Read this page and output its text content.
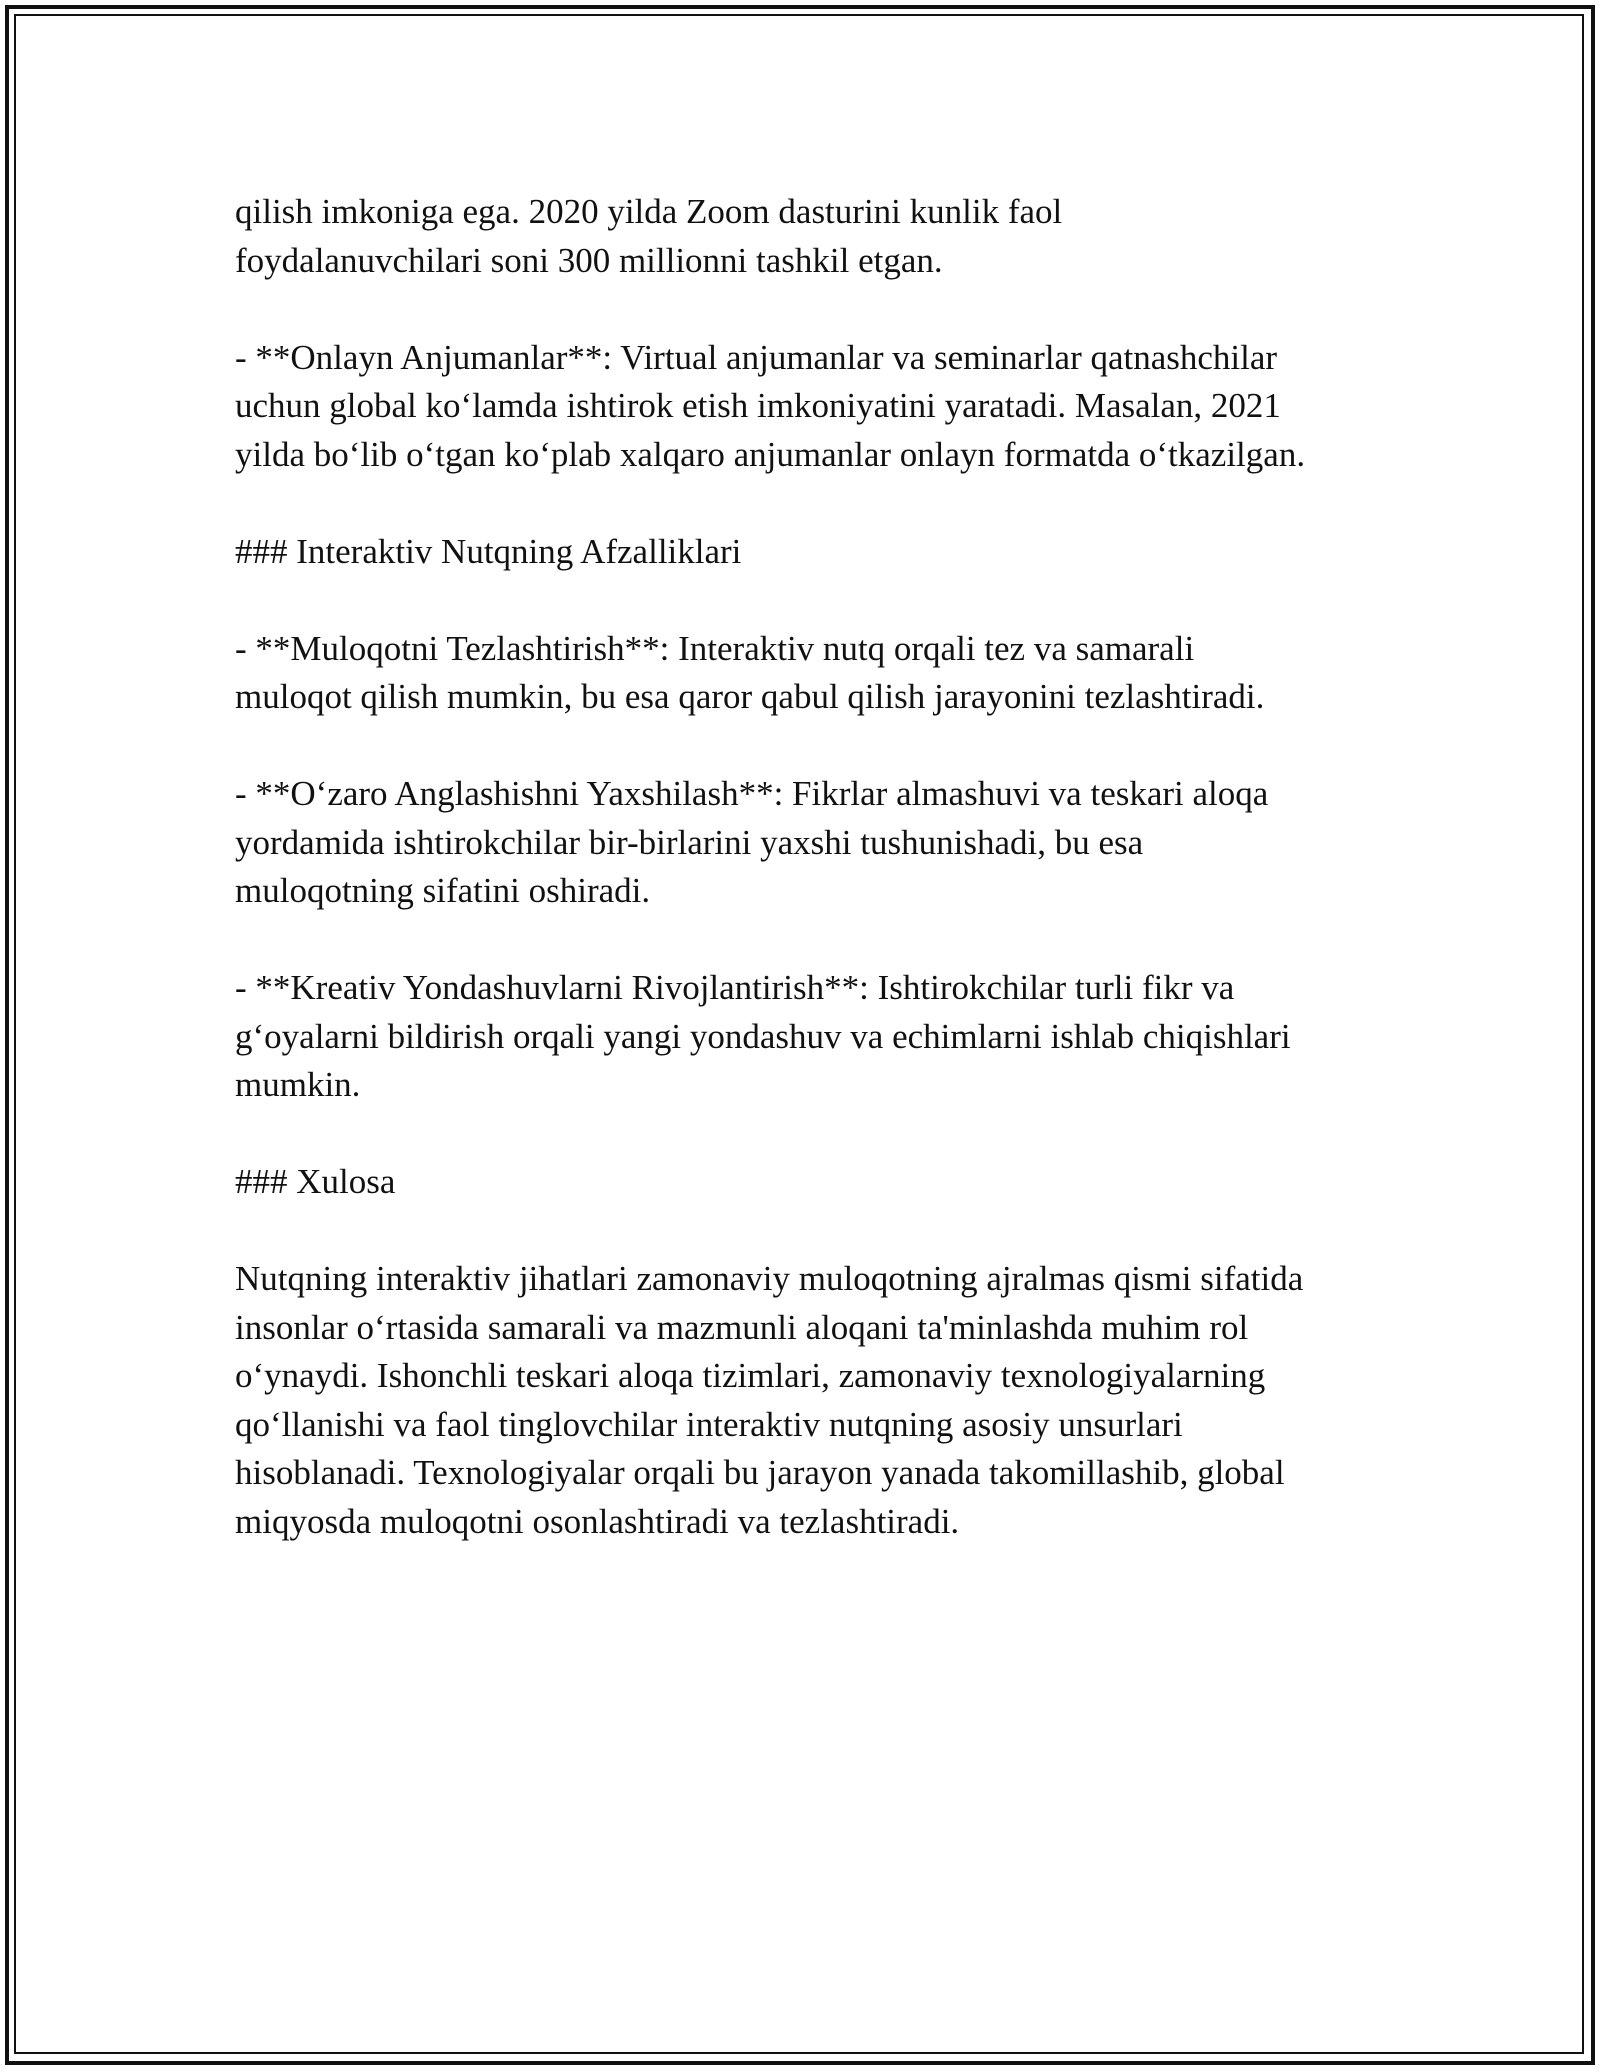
qilish imkoniga ega. 2020 yilda Zoom dasturini kunlik faol
foydalanuvchilari soni 300 millionni tashkil etgan.
- **Onlayn Anjumanlar**: Virtual anjumanlar va seminarlar qatnashchilar
uchun global ko‘lamda ishtirok etish imkoniyatini yaratadi. Masalan, 2021
yilda bo‘lib o‘tgan ko‘plab xalqaro anjumanlar onlayn formatda o‘tkazilgan.
### Interaktiv Nutqning Afzalliklari
- **Muloqotni Tezlashtirish**: Interaktiv nutq orqali tez va samarali
muloqot qilish mumkin, bu esa qaror qabul qilish jarayonini tezlashtiradi.
- **O‘zaro Anglashishni Yaxshilash**: Fikrlar almashuvi va teskari aloqa
yordamida ishtirokchilar bir-birlarini yaxshi tushunishadi, bu esa
muloqotning sifatini oshiradi.
- **Kreativ Yondashuvlarni Rivojlantirish**: Ishtirokchilar turli fikr va
g‘oyalarni bildirish orqali yangi yondashuv va echimlarni ishlab chiqishlari
mumkin.
### Xulosa
Nutqning interaktiv jihatlari zamonaviy muloqotning ajralmas qismi sifatida
insonlar o‘rtasida samarali va mazmunli aloqani ta'minlashda muhim rol
o‘ynaydi. Ishonchli teskari aloqa tizimlari, zamonaviy texnologiyalarning
qo‘llanishi va faol tinglovchilar interaktiv nutqning asosiy unsurlari
hisoblanadi. Texnologiyalar orqali bu jarayon yanada takomillashib, global
miqyosda muloqotni osonlashtiradi va tezlashtiradi.
